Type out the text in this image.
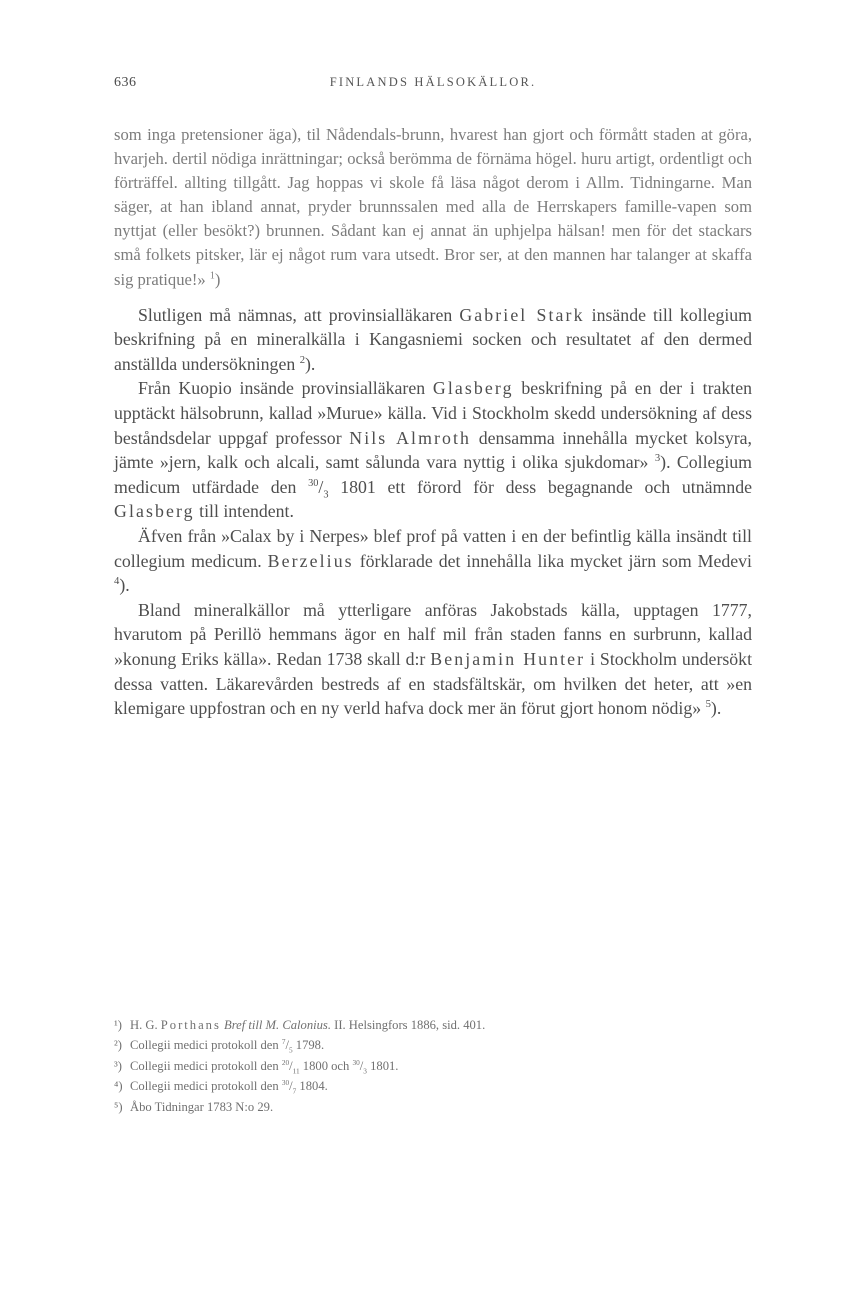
636	FINLANDS HÄLSOKÄLLOR.

som inga pretensioner äga), til Nådendals-brunn, hvarest han gjort och förmått staden at göra, hvarjeh. dertil nödiga inrättningar; också berömma de förnäma högel. huru artigt, ordentligt och förträffel. allting tillgått. Jag hoppas vi skole få läsa något derom i Allm. Tidningarne. Man säger, at han ibland annat, pryder brunnssalen med alla de Herrskapers famille-vapen som nyttjat (eller besökt?) brunnen. Sådant kan ej annat än uphjelpa hälsan! men för det stackars små folkets pitsker, lär ej något rum vara utsedt. Bror ser, at den mannen har talanger at skaffa sig pratique!» $^1$)

Slutligen må nämnas, att provinsialläkaren Gabriel Stark insände till kollegium beskrifning på en mineralkälla i Kangasniemi socken och resultatet af den dermed anställda undersökningen $^2$).

Från Kuopio insände provinsialläkaren Glasberg beskrifning på en der i trakten upptäckt hälsobrunn, kallad »Murue» källa. Vid i Stockholm skedd undersökning af dess beståndsdelar uppgaf professor Nils Almroth densamma innehålla mycket kolsyra, jämte »jern, kalk och alcali, samt sålunda vara nyttig i olika sjukdomar» $^3$). Collegium medicum utfärdade den $^{30}/_3$ 1801 ett förord för dess begagnande och utnämnde Glasberg till intendent.

Äfven från »Calax by i Nerpes» blef prof på vatten i en der befintlig källa insändt till collegium medicum. Berzelius förklarade det innehålla lika mycket järn som Medevi $^4$).

Bland mineralkällor må ytterligare anföras Jakobstads källa, upptagen 1777, hvarutom på Perillö hemmans ägor en half mil från staden fanns en surbrunn, kallad »konung Eriks källa». Redan 1738 skall d:r Benjamin Hunter i Stockholm undersökt dessa vatten. Läkarevården bestreds af en stadsfältskär, om hvilken det heter, att »en klemigare uppfostran och en ny verld hafva dock mer än förut gjort honom nödig» $^5$).

¹) H. G. Porthans Bref till M. Calonius. II. Helsingfors 1886, sid. 401.

²) Collegii medici protokoll den $^7/_5$ 1798.

³) Collegii medici protokoll den $^{20}/_{11}$ 1800 och $^{30}/_3$ 1801.

⁴) Collegii medici protokoll den $^{30}/_7$ 1804.

⁵) Åbo Tidningar 1783 N:o 29.
